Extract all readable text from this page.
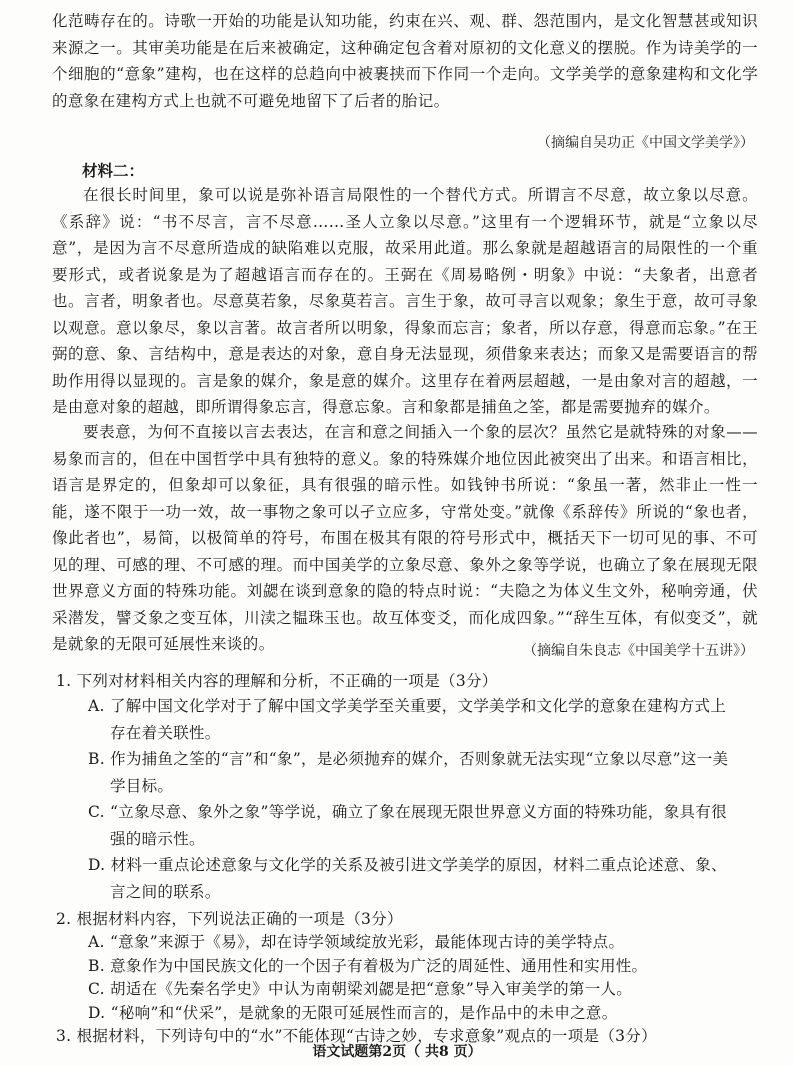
化范畴存在的。诗歌一开始的功能是认知功能，约束在兴、观、群、怨范围内，是文化智慧甚或知识来源之一。其审美功能是在后来被确定，这种确定包含着对原初的文化意义的摆脱。作为诗美学的一个细胞的“意象”建构，也在这样的总趋向中被裹挟而下作同一个走向。文学美学的意象建构和文化学的意象在建构方式上也就不可避免地留下了后者的胎记。

（摘编自吴功正《中国文学美学》）

材料二：

在很长时间里，象可以说是弥补语言局限性的一个替代方式。所谓言不尽意，故立象以尽意。《系辞》说：“书不尽言，言不尽意……圣人立象以尽意。”这里有一个逻辑环节，就是“立象以尽意”，是因为言不尽意所造成的缺陷难以克服，故采用此道。那么象就是超越语言的局限性的一个重要形式，或者说象是为了超越语言而存在的。王弼在《周易略例・明象》中说：“夫象者，出意者也。言者，明象者也。尽意莫若象，尽象莫若言。言生于象，故可寻言以观象；象生于意，故可寻象以观意。意以象尽，象以言著。故言者所以明象，得象而忘言；象者，所以存意，得意而忘象。”在王弼的意、象、言结构中，意是表达的对象，意自身无法显现，须借象来表达；而象又是需要语言的帮助作用得以显现的。言是象的媒介，象是意的媒介。这里存在着两层超越，一是由象对言的超越，一是由意对象的超越，即所谓得象忘言，得意忘象。言和象都是捕鱼之筌，都是需要抛弃的媒介。

要表意，为何不直接以言去表达，在言和意之间插入一个象的层次？虽然它是就特殊的对象——易象而言的，但在中国哲学中具有独特的意义。象的特殊媒介地位因此被突出了出来。和语言相比，语言是界定的，但象却可以象征，具有很强的暗示性。如钱钟书所说：“象虽一著，然非止一性一能，遂不限于一功一效，故一事物之象可以孑立应多，守常处变。”就像《系辞传》所说的“象也者，像此者也”，易简，以极简单的符号，布围在极其有限的符号形式中，概括天下一切可见的事、不可见的理、可感的理、不可感的理。而中国美学的立象尽意、象外之象等学说，也确立了象在展现无限世界意义方面的特殊功能。刘勰在谈到意象的隐的特点时说：“夫隐之为体义生文外，秘响旁通，伏采潜发，譬爻象之变互体，川渎之韫珠玉也。故互体变爻，而化成四象。”“辞生互体，有似变爻”，就是就象的无限可延展性来谈的。	（摘编自朱良志《中国美学十五讲》）

1. 下列对材料相关内容的理解和分析，不正确的一项是（3分）

A. 了解中国文化学对于了解中国文学美学至关重要，文学美学和文化学的意象在建构方式上存在着关联性。

B. 作为捕鱼之筌的“言”和“象”，是必须抛弃的媒介，否则象就无法实现“立象以尽意”这一美学目标。

C. “立象尽意、象外之象”等学说，确立了象在展现无限世界意义方面的特殊功能，象具有很强的暗示性。

D. 材料一重点论述意象与文化学的关系及被引进文学美学的原因，材料二重点论述意、象、言之间的联系。

2. 根据材料内容，下列说法正确的一项是（3分）

A. “意象”来源于《易》，却在诗学领域绽放光彩，最能体现古诗的美学特点。

B. 意象作为中国民族文化的一个因子有着极为广泛的周延性、通用性和实用性。

C. 胡适在《先秦名学史》中认为南朝梁刘勰是把“意象”导入审美学的第一人。

语文试题第2页（ 共8 页）

D. “秘响”和“伏采”，是就象的无限可延展性而言的，是作品中的未申之意。

3. 根据材料，下列诗句中的“水”不能体现“古诗之妙，专求意象”观点的一项是（3分）
